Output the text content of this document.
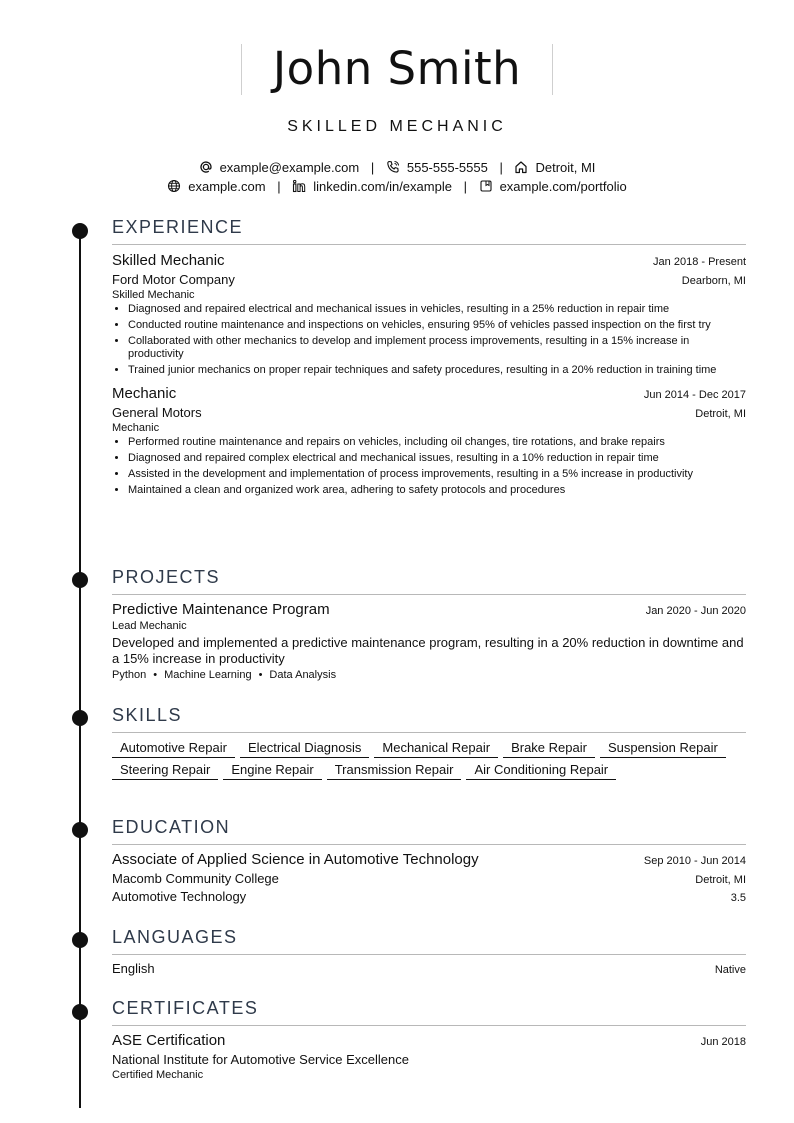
John Smith
SKILLED MECHANIC
example@example.com |	555-555-5555 |	Detroit, MI
example.com |	linkedin.com/in/example |	example.com/portfolio
EXPERIENCE
Skilled Mechanic	Jan 2018 - Present
Ford Motor Company	Dearborn, MI
Skilled Mechanic
• Diagnosed and repaired electrical and mechanical issues in vehicles, resulting in a 25% reduction in repair time
• Conducted routine maintenance and inspections on vehicles, ensuring 95% of vehicles passed inspection on the first try
• Collaborated with other mechanics to develop and implement process improvements, resulting in a 15% increase in productivity
• Trained junior mechanics on proper repair techniques and safety procedures, resulting in a 20% reduction in training time
Mechanic	Jun 2014 - Dec 2017
General Motors	Detroit, MI
Mechanic
• Performed routine maintenance and repairs on vehicles, including oil changes, tire rotations, and brake repairs
• Diagnosed and repaired complex electrical and mechanical issues, resulting in a 10% reduction in repair time
• Assisted in the development and implementation of process improvements, resulting in a 5% increase in productivity
• Maintained a clean and organized work area, adhering to safety protocols and procedures
PROJECTS
Predictive Maintenance Program	Jan 2020 - Jun 2020
Lead Mechanic
Developed and implemented a predictive maintenance program, resulting in a 20% reduction in downtime and a 15% increase in productivity
Python • Machine Learning • Data Analysis
SKILLS
Automotive Repair Electrical Diagnosis Mechanical Repair Brake Repair Suspension RepairSteering Repair Engine Repair Transmission Repair Air Conditioning Repair
EDUCATION
Associate of Applied Science in Automotive Technology	Sep 2010 - Jun 2014
Macomb Community College	Detroit, MI
Automotive Technology	3.5
LANGUAGES
English	Native
CERTIFICATES
ASE Certification	Jun 2018
National Institute for Automotive Service Excellence
Certified Mechanic
